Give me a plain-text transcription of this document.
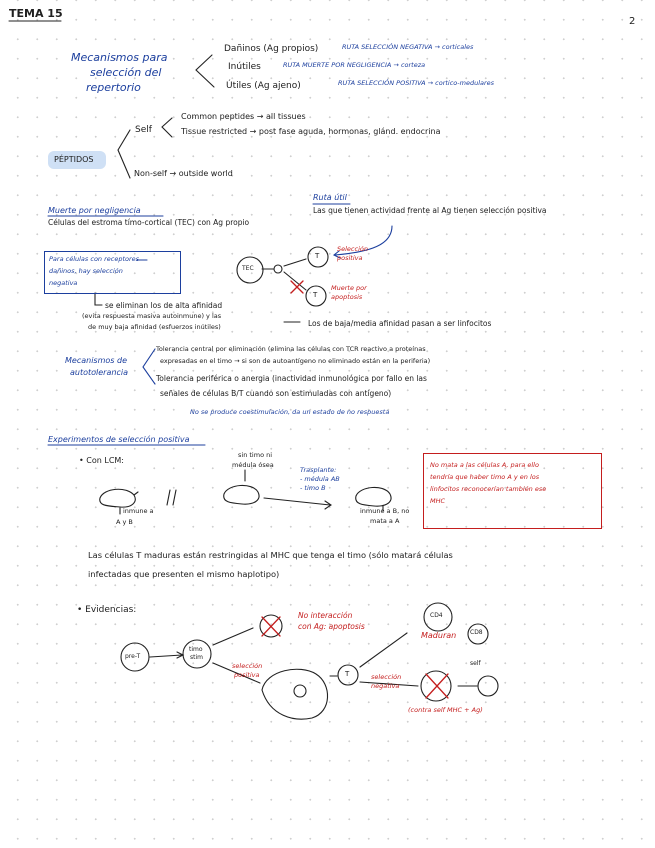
TEMA 15
2
Mecanismos para
selección del
repertorio
Dañinos (Ag propios)	RUTA SELECCIÓN NEGATIVA → corticales
Inútiles	RUTA MUERTE POR NEGLIGENCIA → corteza
Útiles (Ag ajeno)	RUTA SELECCIÓN POSITIVA → cortico-medulares
PÉPTIDOS
Self
Common peptides → all tissues
Tissue restricted → post fase aguda, hormonas, glánd. endocrina
Non-self → outside world
Muerte por negligencia
Ruta útil
Células del estroma tímo-cortical (TEC) con Ag propio
Las que tienen actividad frente al Ag tienen selección positiva
Para células con receptores
dañinos, hay selección
negativa
TEC
T
T
Selección
positiva
Muerte por
apoptosis
se eliminan los de alta afinidad
(evita respuesta masiva autoinmune) y las
de muy baja afinidad (esfuerzos inútiles)	Los de baja/media afinidad pasan a ser linfocitos
Mecanismos de
autotolerancia
Tolerancia central por eliminación (elimina las células con TCR reactivo a proteínas
expresadas en el timo → si son de autoantígeno no eliminado están en la periferia)
Tolerancia periférica o anergia (inactividad inmunológica por fallo en las
señales de células B/T cuando son estimuladas con antígeno)
No se produce coestimulación, da un estado de no respuesta
Experimentos de selección positiva
• Con LCM:
sin timo ni
médula ósea
inmune a
A y B
Trasplante:
- médula AB
- timo B
inmune a B, no
mata a A
No mata a las células A, para ello
tendría que haber timo A y en los
linfocitos reconocerían también ese
MHC
Las células T maduras están restringidas al MHC que tenga el timo (sólo matará células
infectadas que presenten el mismo haplotipo)
• Evidencias:
pre-T
timo
stim
selección
positiva
No interacción
con Ag: apoptosis
T
CD4
Maduran CD8
selección
negativa
self
(contra self MHC + Ag)
